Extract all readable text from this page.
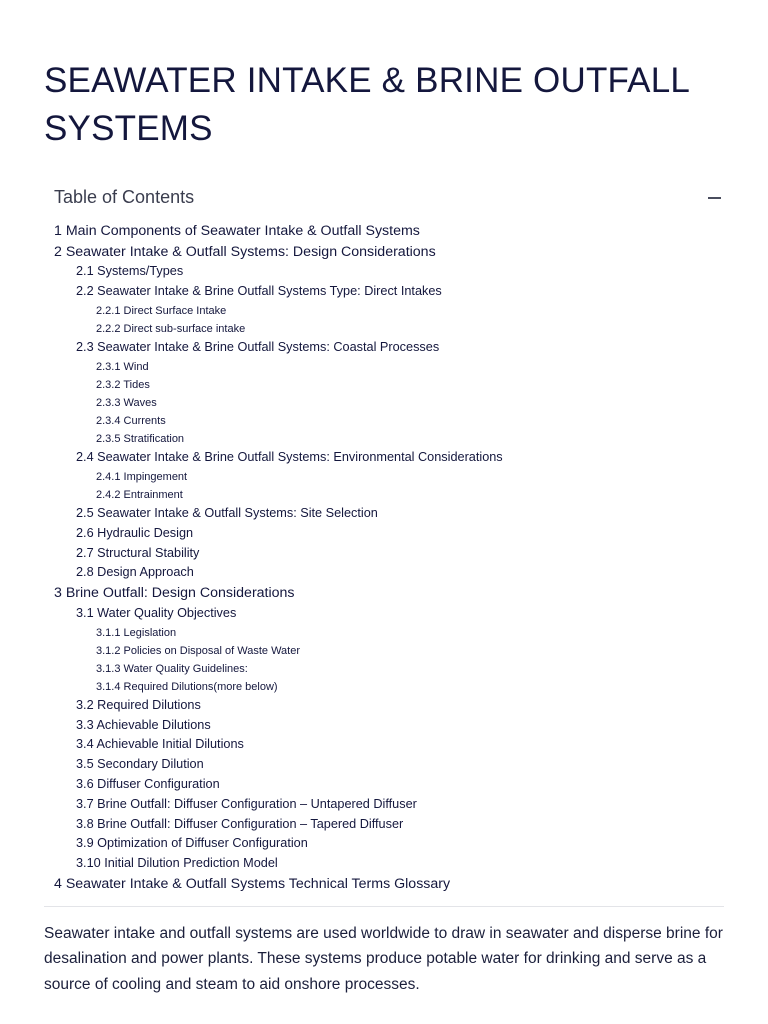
SEAWATER INTAKE & BRINE OUTFALL SYSTEMS
Table of Contents
1 Main Components of Seawater Intake & Outfall Systems
2 Seawater Intake & Outfall Systems: Design Considerations
2.1 Systems/Types
2.2 Seawater Intake & Brine Outfall Systems Type: Direct Intakes
2.2.1 Direct Surface Intake
2.2.2 Direct sub-surface intake
2.3 Seawater Intake & Brine Outfall Systems: Coastal Processes
2.3.1 Wind
2.3.2 Tides
2.3.3 Waves
2.3.4 Currents
2.3.5 Stratification
2.4 Seawater Intake & Brine Outfall Systems: Environmental Considerations
2.4.1 Impingement
2.4.2 Entrainment
2.5 Seawater Intake & Outfall Systems: Site Selection
2.6 Hydraulic Design
2.7 Structural Stability
2.8 Design Approach
3 Brine Outfall: Design Considerations
3.1 Water Quality Objectives
3.1.1 Legislation
3.1.2 Policies on Disposal of Waste Water
3.1.3 Water Quality Guidelines:
3.1.4 Required Dilutions(more below)
3.2 Required Dilutions
3.3 Achievable Dilutions
3.4 Achievable Initial Dilutions
3.5 Secondary Dilution
3.6 Diffuser Configuration
3.7 Brine Outfall: Diffuser Configuration – Untapered Diffuser
3.8 Brine Outfall: Diffuser Configuration – Tapered Diffuser
3.9 Optimization of Diffuser Configuration
3.10 Initial Dilution Prediction Model
4 Seawater Intake & Outfall Systems Technical Terms Glossary

Seawater intake and outfall systems are used worldwide to draw in seawater and disperse brine for desalination and power plants. These systems produce potable water for drinking and serve as a source of cooling and steam to aid onshore processes.
